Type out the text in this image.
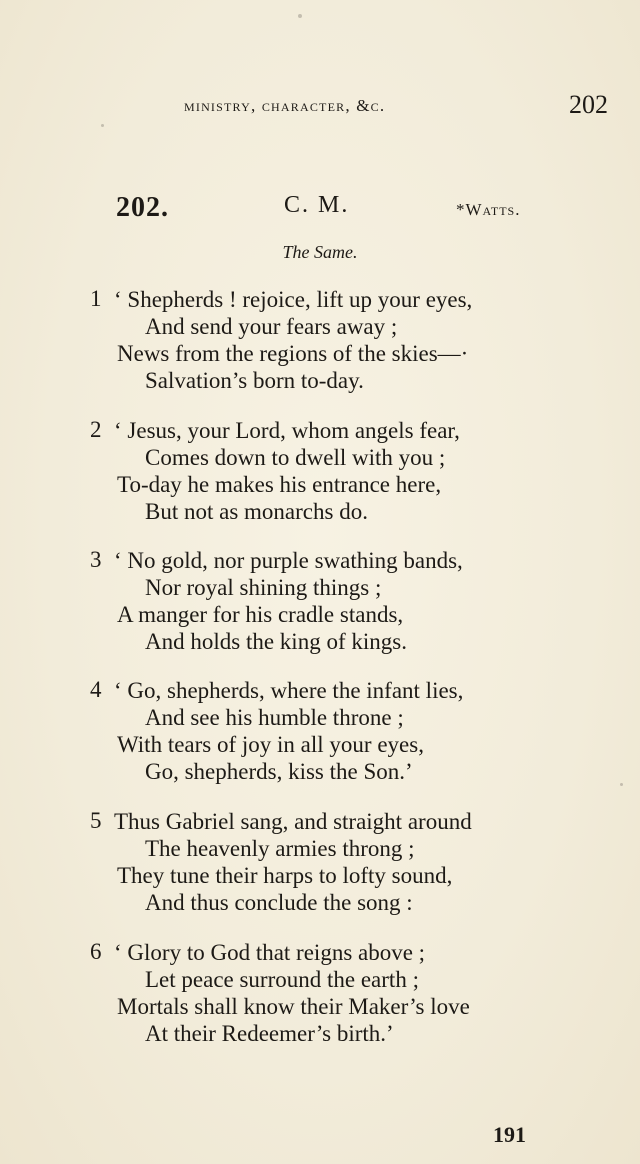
ministry, character, &c.	202
202.	C. M.	*Watts.
The Same.
1 ‘ Shepherds ! rejoice, lift up your eyes,
And send your fears away ;
News from the regions of the skies—·
Salvation’s born to-day.
2 ‘ Jesus, your Lord, whom angels fear,
Comes down to dwell with you ;
To-day he makes his entrance here,
But not as monarchs do.
3 ‘ No gold, nor purple swathing bands,
Nor royal shining things ;
A manger for his cradle stands,
And holds the king of kings.
4 ‘ Go, shepherds, where the infant lies,
And see his humble throne ;
With tears of joy in all your eyes,
Go, shepherds, kiss the Son.’
5 Thus Gabriel sang, and straight around
The heavenly armies throng ;
They tune their harps to lofty sound,
And thus conclude the song :
6 ‘ Glory to God that reigns above ;
Let peace surround the earth ;
Mortals shall know their Maker’s love
At their Redeemer’s birth.’
191
